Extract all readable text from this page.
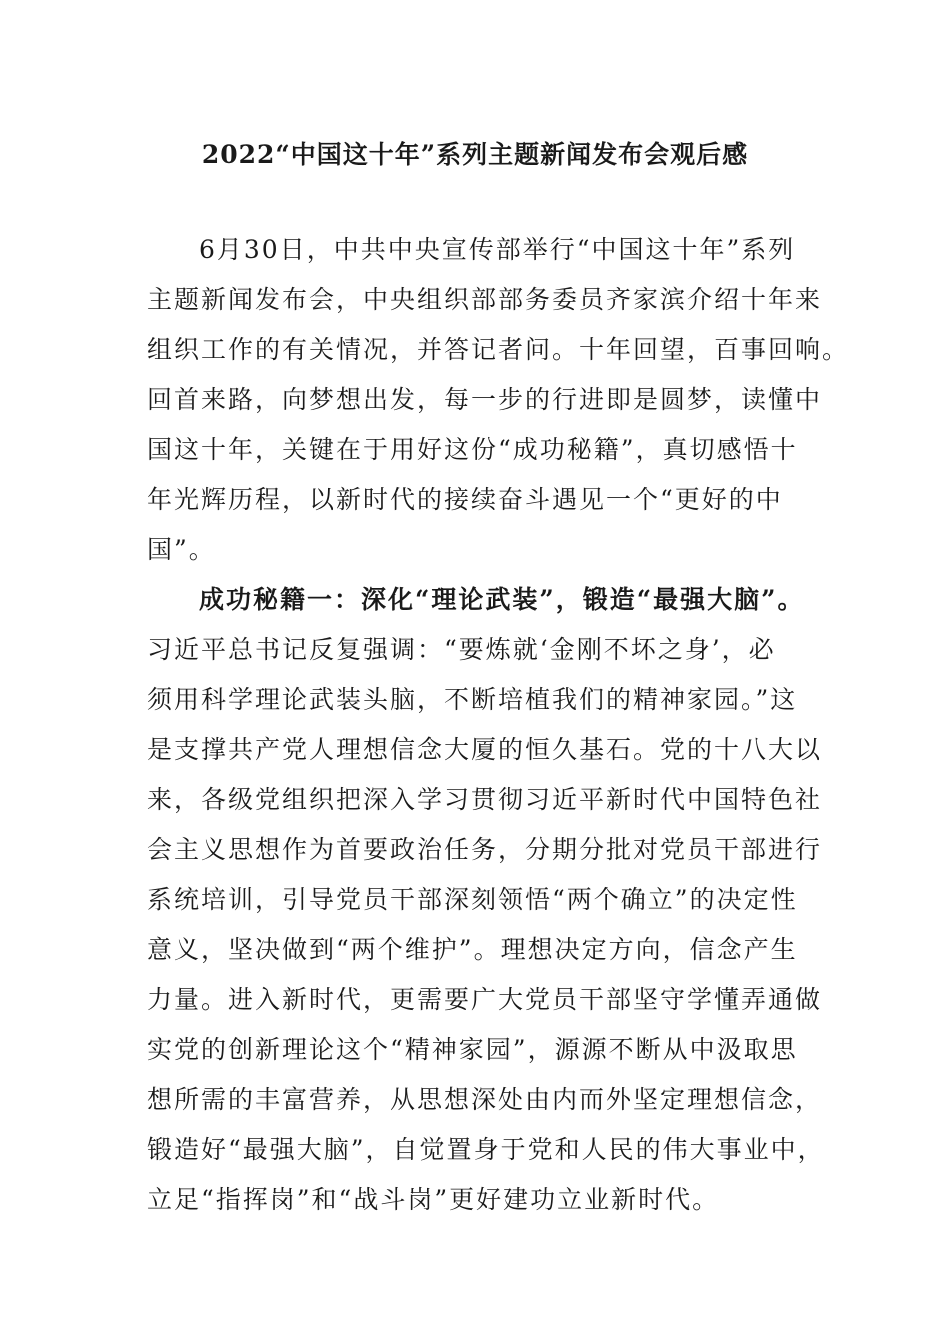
2022“中国这十年”系列主题新闻发布会观后感
6月30日，中共中央宣传部举行“中国这十年”系列
主题新闻发布会，中央组织部部务委员齐家滨介绍十年来
组织工作的有关情况，并答记者问。十年回望，百事回响。
回首来路，向梦想出发，每一步的行进即是圆梦，读懂中
国这十年，关键在于用好这份“成功秘籍”，真切感悟十
年光辉历程，以新时代的接续奋斗遇见一个“更好的中
国”。
成功秘籍一：深化“理论武装”，锻造“最强大脑”。
习近平总书记反复强调：“要炼就‘金刚不坏之身’，必
须用科学理论武装头脑，不断培植我们的精神家园。”这
是支撑共产党人理想信念大厦的恒久基石。党的十八大以
来，各级党组织把深入学习贯彻习近平新时代中国特色社
会主义思想作为首要政治任务，分期分批对党员干部进行
系统培训，引导党员干部深刻领悟“两个确立”的决定性
意义，坚决做到“两个维护”。理想决定方向，信念产生
力量。进入新时代，更需要广大党员干部坚守学懂弄通做
实党的创新理论这个“精神家园”，源源不断从中汲取思
想所需的丰富营养，从思想深处由内而外坚定理想信念，
锻造好“最强大脑”，自觉置身于党和人民的伟大事业中，
立足“指挥岗”和“战斗岗”更好建功立业新时代。
